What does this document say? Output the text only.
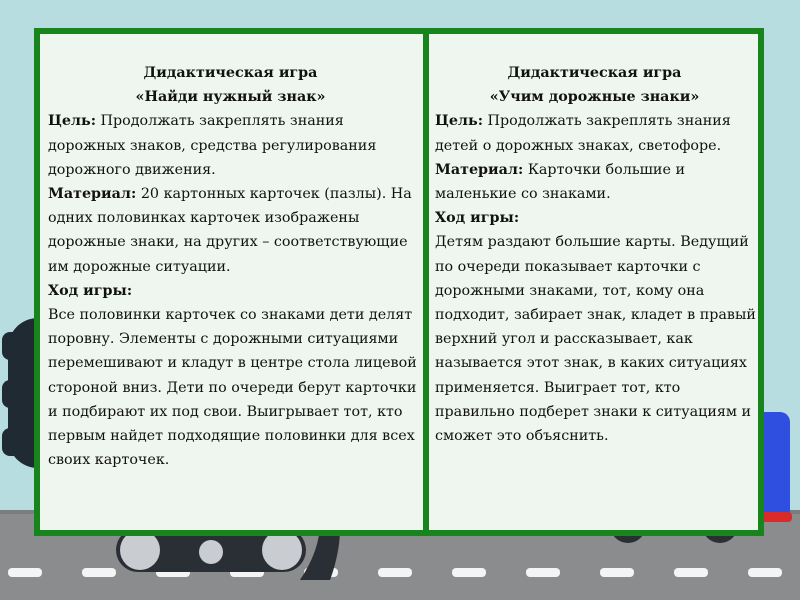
Дидактическая игра
«Найди нужный знак»

Цель: Продолжать закреплять знания дорожных знаков, средства регулирования дорожного движения.

Материал: 20 картонных карточек (пазлы). На одних половинках карточек изображены дорожные знаки, на других – соответствующие им дорожные ситуации.

Ход игры:

Все половинки карточек со знаками дети делят поровну. Элементы с дорожными ситуациями перемешивают и кладут в центре стола лицевой стороной вниз. Дети по очереди берут карточки и подбирают их под свои. Выигрывает тот, кто первым найдет подходящие половинки для всех своих карточек.

Дидактическая игра
«Учим дорожные знаки»

Цель: Продолжать закреплять знания детей о дорожных знаках, светофоре.

Материал: Карточки большие и маленькие со знаками.

Ход игры:

Детям раздают большие карты. Ведущий по очереди показывает карточки с дорожными знаками, тот, кому она подходит, забирает знак, кладет в правый верхний угол и рассказывает, как называется этот знак, в каких ситуациях применяется. Выиграет тот, кто правильно подберет знаки к ситуациям и сможет это объяснить.
